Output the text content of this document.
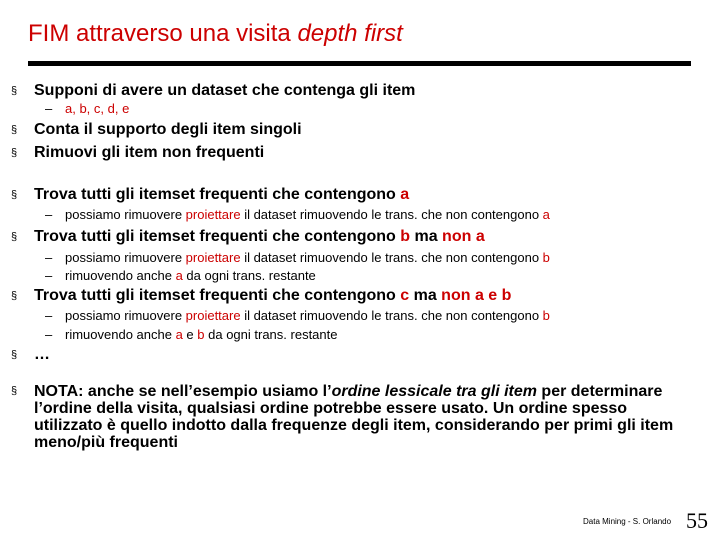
FIM attraverso una visita depth first
§ Supponi di avere un dataset che contenga gli item
– a, b, c, d, e
§ Conta il supporto degli item singoli
§ Rimuovi gli item non frequenti
§ Trova tutti gli itemset frequenti che contengono a
– possiamo rimuovere proiettare il dataset rimuovendo le trans. che non contengono a
§ Trova tutti gli itemset frequenti che contengono b ma non a
– possiamo rimuovere proiettare il dataset rimuovendo le trans. che non contengono b
– rimuovendo anche a da ogni trans. restante
§ Trova tutti gli itemset frequenti che contengono c ma non a e b
– possiamo rimuovere proiettare il dataset rimuovendo le trans. che non contengono b
– rimuovendo anche a e b da ogni trans. restante
§ …
§ NOTA: anche se nell’esempio usiamo l’ordine lessicale tra gli item per determinare l’ordine della visita, qualsiasi ordine potrebbe essere usato. Un ordine spesso utilizzato è quello indotto dalla frequenze degli item, considerando per primi gli item meno/più frequenti
Data Mining - S. Orlando 55
